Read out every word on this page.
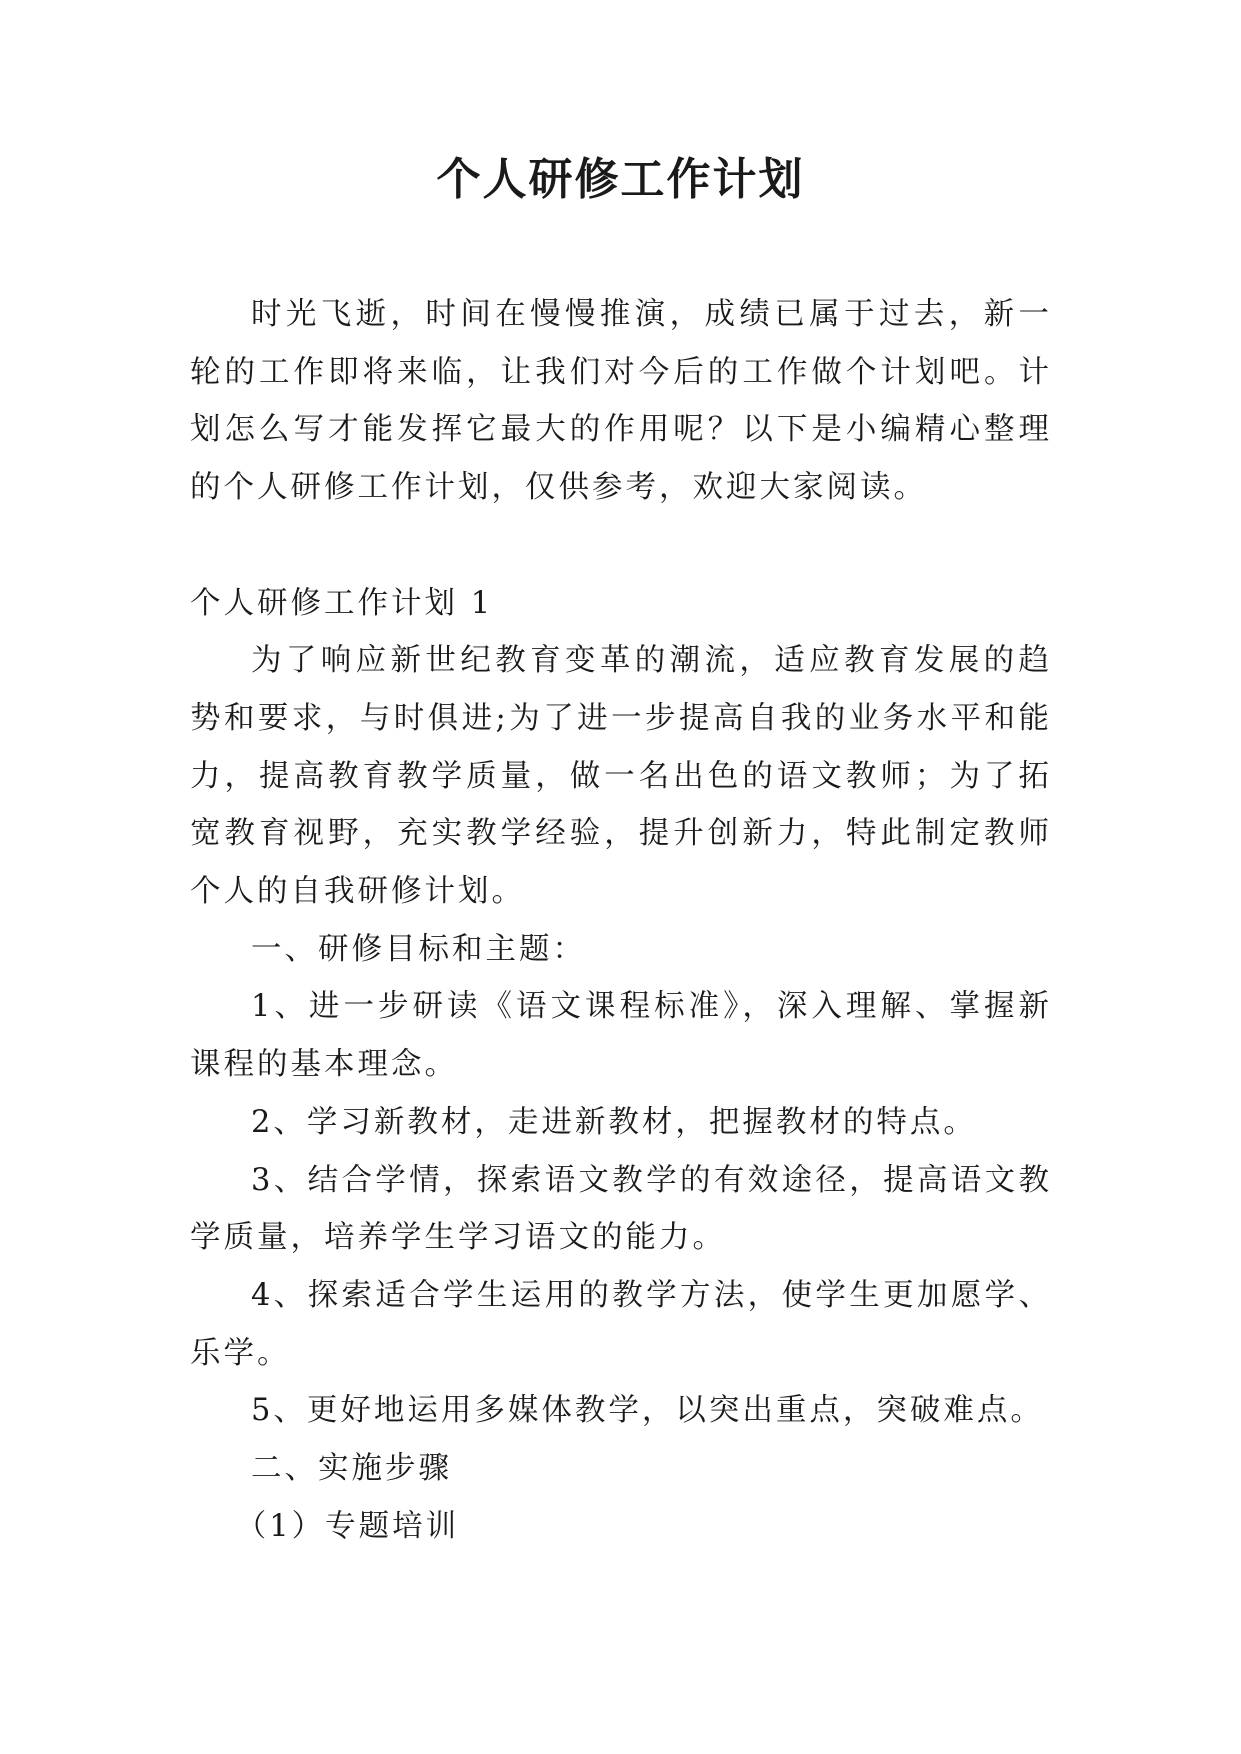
个人研修工作计划

时光飞逝，时间在慢慢推演，成绩已属于过去，新一轮的工作即将来临，让我们对今后的工作做个计划吧。计划怎么写才能发挥它最大的作用呢？以下是小编精心整理的个人研修工作计划，仅供参考，欢迎大家阅读。

个人研修工作计划 1

为了响应新世纪教育变革的潮流，适应教育发展的趋势和要求，与时俱进;为了进一步提高自我的业务水平和能力，提高教育教学质量，做一名出色的语文教师；为了拓宽教育视野，充实教学经验，提升创新力，特此制定教师个人的自我研修计划。

一、研修目标和主题：

1、进一步研读《语文课程标准》，深入理解、掌握新课程的基本理念。

2、学习新教材，走进新教材，把握教材的特点。

3、结合学情，探索语文教学的有效途径，提高语文教学质量，培养学生学习语文的能力。

4、探索适合学生运用的教学方法，使学生更加愿学、乐学。

5、更好地运用多媒体教学，以突出重点，突破难点。

二、实施步骤

（1）专题培训
